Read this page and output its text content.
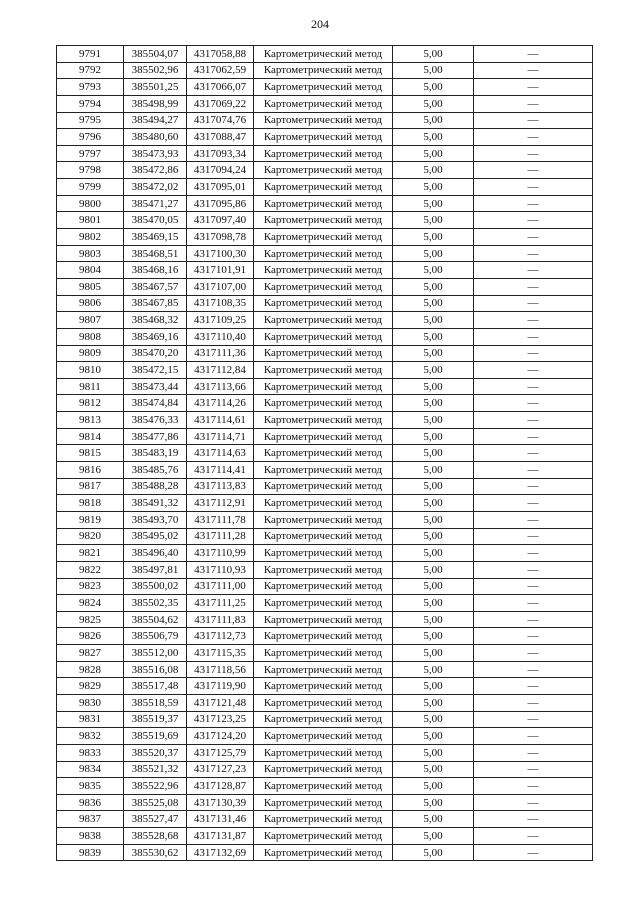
204
9791	385504,07	4317058,88	Картометрический метод	5,00	—
9792	385502,96	4317062,59	Картометрический метод	5,00	—
9793	385501,25	4317066,07	Картометрический метод	5,00	—
9794	385498,99	4317069,22	Картометрический метод	5,00	—
9795	385494,27	4317074,76	Картометрический метод	5,00	—
9796	385480,60	4317088,47	Картометрический метод	5,00	—
9797	385473,93	4317093,34	Картометрический метод	5,00	—
9798	385472,86	4317094,24	Картометрический метод	5,00	—
9799	385472,02	4317095,01	Картометрический метод	5,00	—
9800	385471,27	4317095,86	Картометрический метод	5,00	—
9801	385470,05	4317097,40	Картометрический метод	5,00	—
9802	385469,15	4317098,78	Картометрический метод	5,00	—
9803	385468,51	4317100,30	Картометрический метод	5,00	—
9804	385468,16	4317101,91	Картометрический метод	5,00	—
9805	385467,57	4317107,00	Картометрический метод	5,00	—
9806	385467,85	4317108,35	Картометрический метод	5,00	—
9807	385468,32	4317109,25	Картометрический метод	5,00	—
9808	385469,16	4317110,40	Картометрический метод	5,00	—
9809	385470,20	4317111,36	Картометрический метод	5,00	—
9810	385472,15	4317112,84	Картометрический метод	5,00	—
9811	385473,44	4317113,66	Картометрический метод	5,00	—
9812	385474,84	4317114,26	Картометрический метод	5,00	—
9813	385476,33	4317114,61	Картометрический метод	5,00	—
9814	385477,86	4317114,71	Картометрический метод	5,00	—
9815	385483,19	4317114,63	Картометрический метод	5,00	—
9816	385485,76	4317114,41	Картометрический метод	5,00	—
9817	385488,28	4317113,83	Картометрический метод	5,00	—
9818	385491,32	4317112,91	Картометрический метод	5,00	—
9819	385493,70	4317111,78	Картометрический метод	5,00	—
9820	385495,02	4317111,28	Картометрический метод	5,00	—
9821	385496,40	4317110,99	Картометрический метод	5,00	—
9822	385497,81	4317110,93	Картометрический метод	5,00	—
9823	385500,02	4317111,00	Картометрический метод	5,00	—
9824	385502,35	4317111,25	Картометрический метод	5,00	—
9825	385504,62	4317111,83	Картометрический метод	5,00	—
9826	385506,79	4317112,73	Картометрический метод	5,00	—
9827	385512,00	4317115,35	Картометрический метод	5,00	—
9828	385516,08	4317118,56	Картометрический метод	5,00	—
9829	385517,48	4317119,90	Картометрический метод	5,00	—
9830	385518,59	4317121,48	Картометрический метод	5,00	—
9831	385519,37	4317123,25	Картометрический метод	5,00	—
9832	385519,69	4317124,20	Картометрический метод	5,00	—
9833	385520,37	4317125,79	Картометрический метод	5,00	—
9834	385521,32	4317127,23	Картометрический метод	5,00	—
9835	385522,96	4317128,87	Картометрический метод	5,00	—
9836	385525,08	4317130,39	Картометрический метод	5,00	—
9837	385527,47	4317131,46	Картометрический метод	5,00	—
9838	385528,68	4317131,87	Картометрический метод	5,00	—
9839	385530,62	4317132,69	Картометрический метод	5,00	—
